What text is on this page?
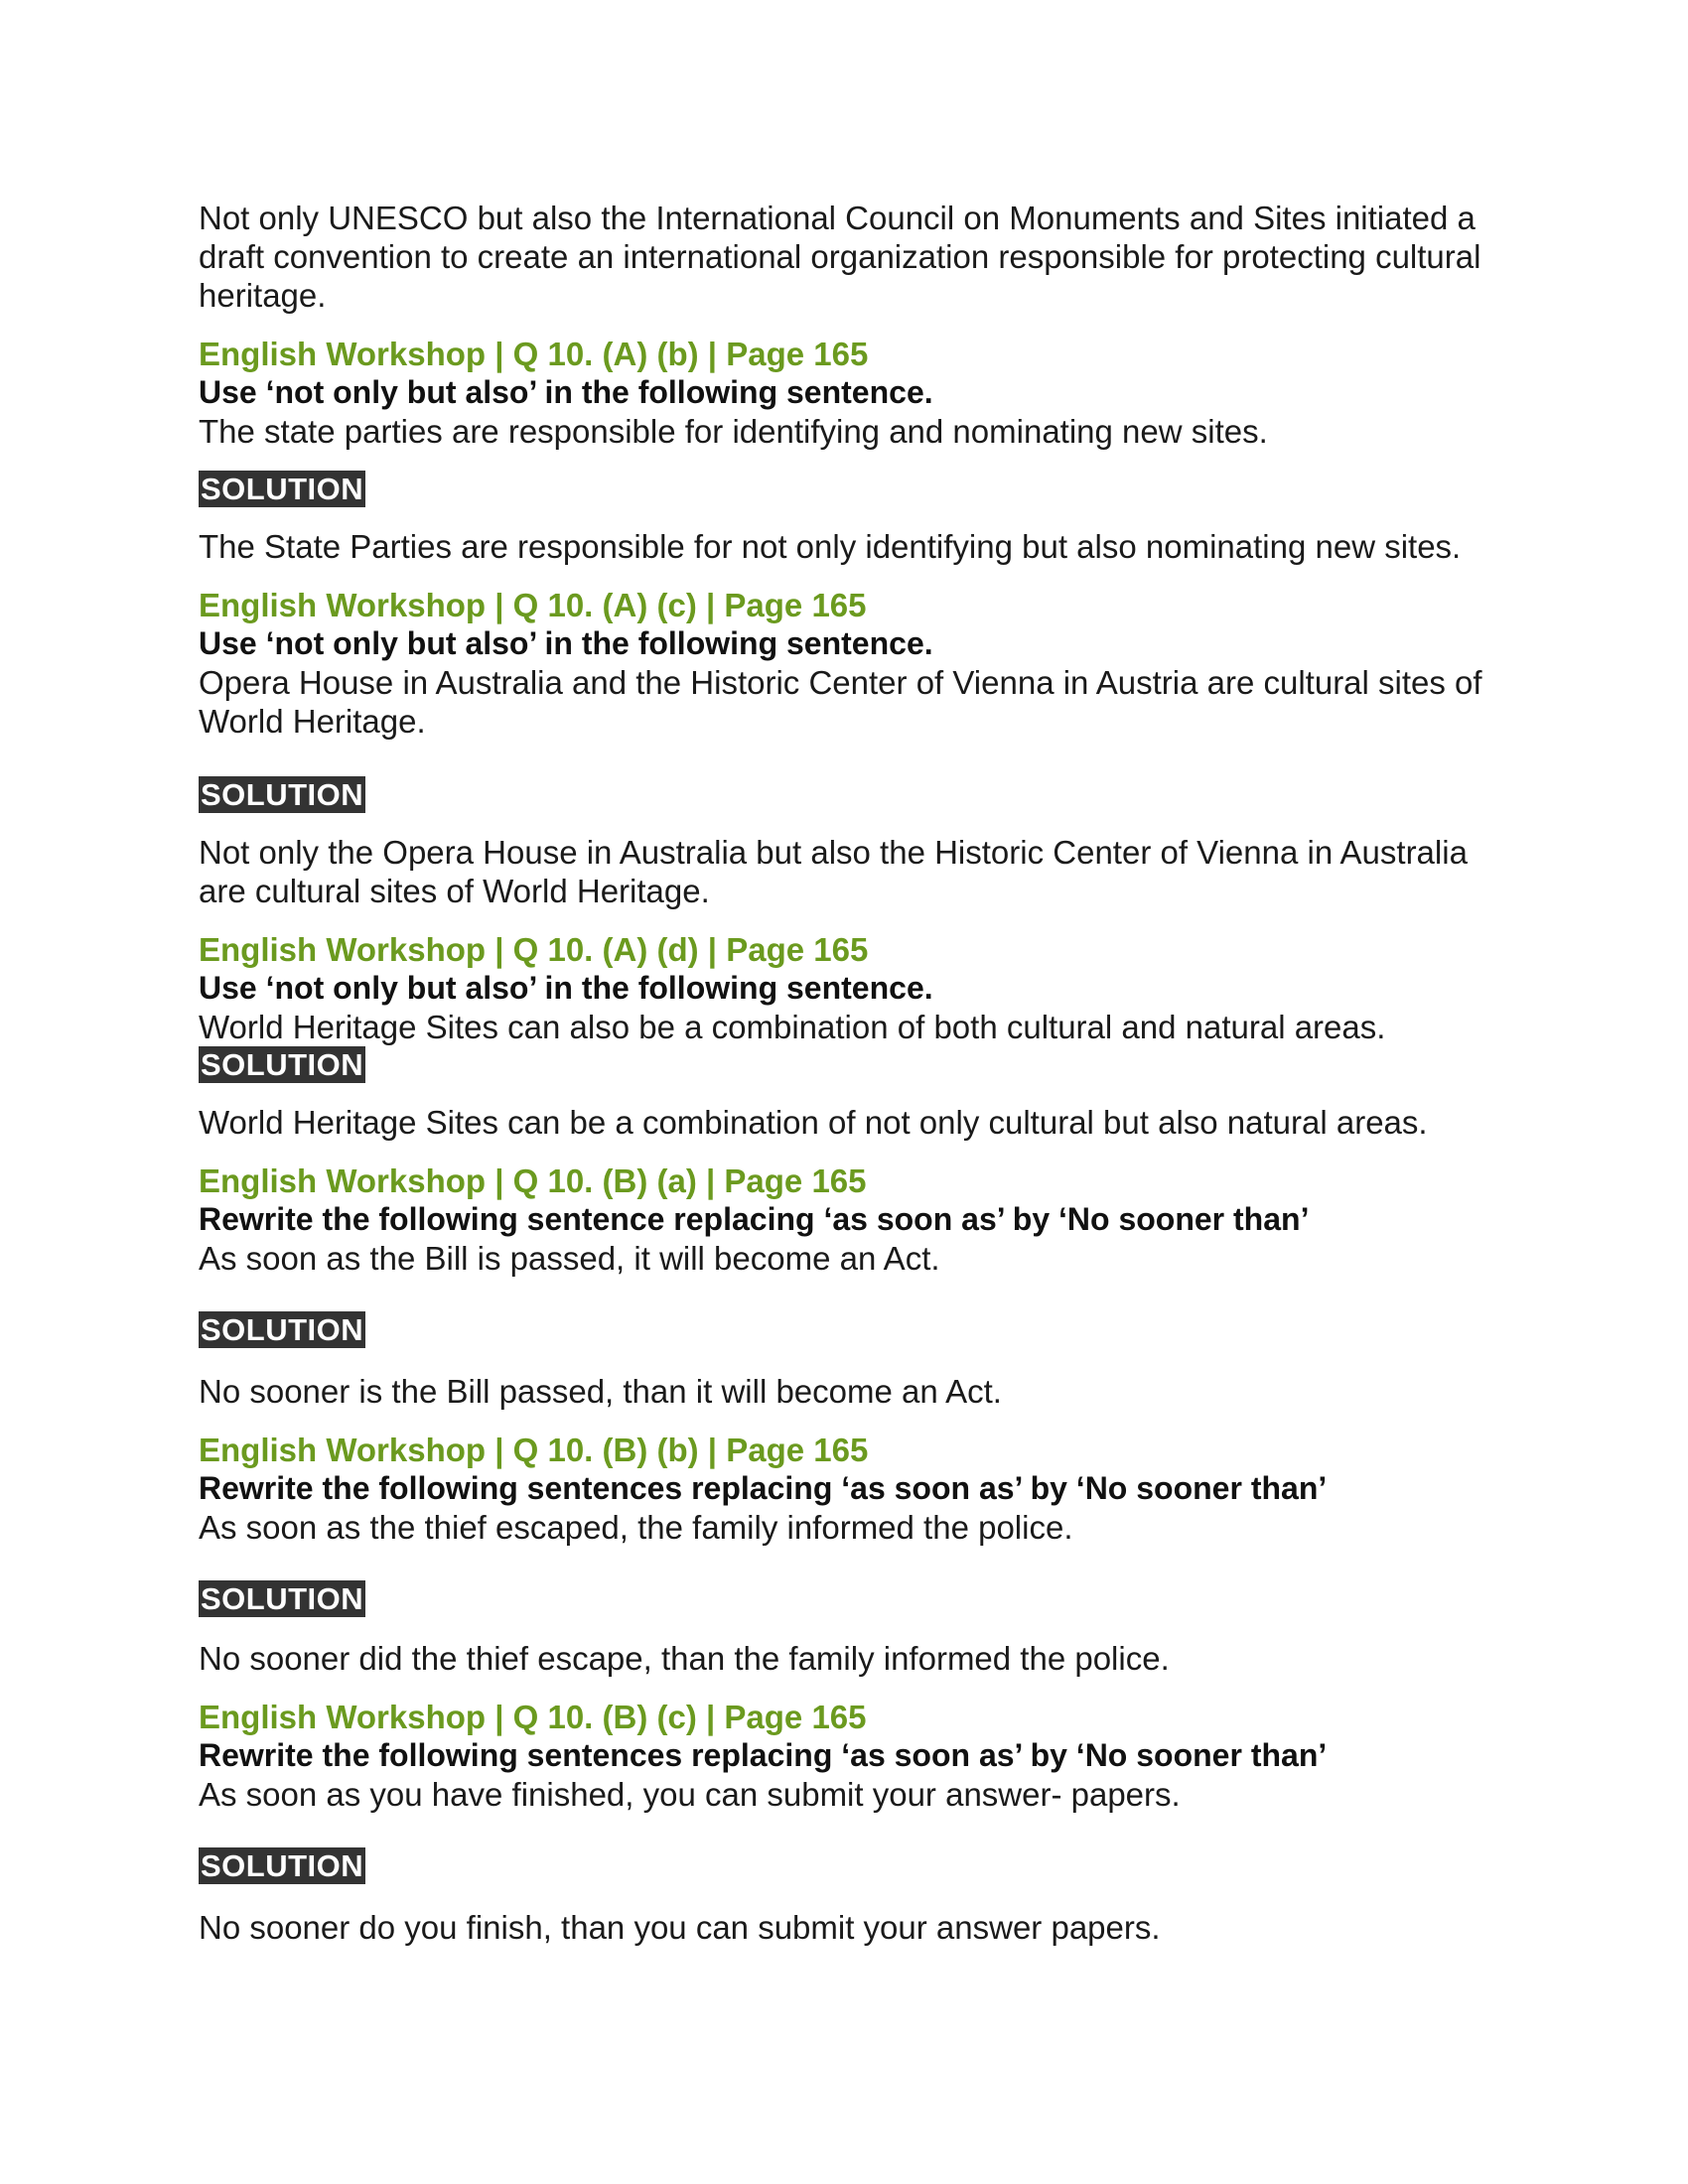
Not only UNESCO but also the International Council on Monuments and Sites initiated a draft convention to create an international organization responsible for protecting cultural heritage.

English Workshop | Q 10. (A) (b) | Page 165

Use ‘not only but also’ in the following sentence.

The state parties are responsible for identifying and nominating new sites.

SOLUTION

The State Parties are responsible for not only identifying but also nominating new sites.

English Workshop | Q 10. (A) (c) | Page 165

Use ‘not only but also’ in the following sentence.

Opera House in Australia and the Historic Center of Vienna in Austria are cultural sites of World Heritage.

SOLUTION

Not only the Opera House in Australia but also the Historic Center of Vienna in Australia are cultural sites of World Heritage.

English Workshop | Q 10. (A) (d) | Page 165

Use ‘not only but also’ in the following sentence.

World Heritage Sites can also be a combination of both cultural and natural areas.

SOLUTION

World Heritage Sites can be a combination of not only cultural but also natural areas.

English Workshop | Q 10. (B) (a) | Page 165

Rewrite the following sentence replacing ‘as soon as’ by ‘No sooner than’

As soon as the Bill is passed, it will become an Act.

SOLUTION

No sooner is the Bill passed, than it will become an Act.

English Workshop | Q 10. (B) (b) | Page 165

Rewrite the following sentences replacing ‘as soon as’ by ‘No sooner than’

As soon as the thief escaped, the family informed the police.

SOLUTION

No sooner did the thief escape, than the family informed the police.

English Workshop | Q 10. (B) (c) | Page 165

Rewrite the following sentences replacing ‘as soon as’ by ‘No sooner than’

As soon as you have finished, you can submit your answer- papers.

SOLUTION

No sooner do you finish, than you can submit your answer papers.
